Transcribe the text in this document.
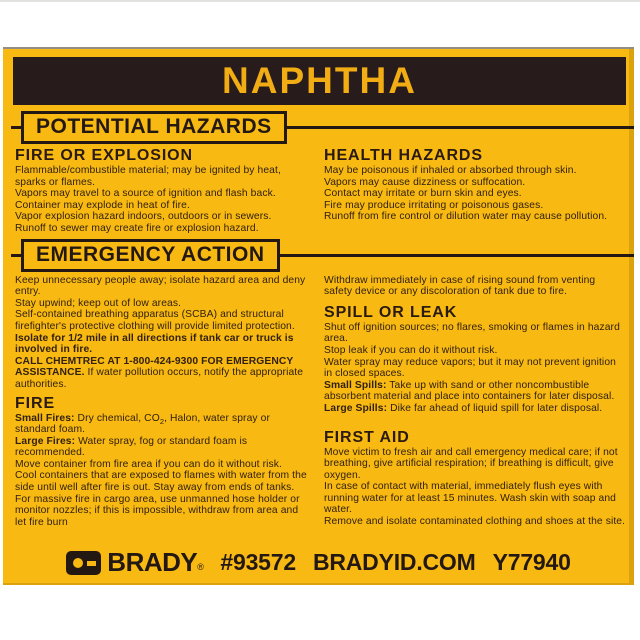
NAPHTHA
POTENTIAL HAZARDS
FIRE OR EXPLOSION

Flammable/combustible material; may be ignited by heat, sparks or flames.

Vapors may travel to a source of ignition and flash back.

Container may explode in heat of fire.

Vapor explosion hazard indoors, outdoors or in sewers.

Runoff to sewer may create fire or explosion hazard.

HEALTH HAZARDS

May be poisonous if inhaled or absorbed through skin.

Vapors may cause dizziness or suffocation.

Contact may irritate or burn skin and eyes.

Fire may produce irritating or poisonous gases.

Runoff from fire control or dilution water may cause pollution.

EMERGENCY ACTION

Keep unnecessary people away; isolate hazard area and deny entry.

Stay upwind; keep out of low areas.

Self-contained breathing apparatus (SCBA) and structural firefighter's protective clothing will provide limited protection.

Isolate for 1/2 mile in all directions if tank car or truck is involved in fire.

CALL CHEMTREC AT 1-800-424-9300 FOR EMERGENCY ASSISTANCE. If water pollution occurs, notify the appropriate authorities.

FIRE

Small Fires: Dry chemical, $CO_2$, Halon, water spray or standard foam.

Large Fires: Water spray, fog or standard foam is recommended.

Move container from fire area if you can do it without risk.

Cool containers that are exposed to flames with water from the side until well after fire is out. Stay away from ends of tanks.

For massive fire in cargo area, use unmanned hose holder or monitor nozzles; if this is impossible, withdraw from area and let fire burn

Withdraw immediately in case of rising sound from venting safety device or any discoloration of tank due to fire.

SPILL OR LEAK

Shut off ignition sources; no flares, smoking or flames in hazard area.

Stop leak if you can do it without risk.

Water spray may reduce vapors; but it may not prevent ignition in closed spaces.

Small Spills: Take up with sand or other noncombustible absorbent material and place into containers for later disposal.

Large Spills: Dike far ahead of liquid spill for later disposal.

FIRST AID

Move victim to fresh air and call emergency medical care; if not breathing, give artificial respiration; if breathing is difficult, give oxygen.

In case of contact with material, immediately flush eyes with running water for at least 15 minutes. Wash skin with soap and water.

Remove and isolate contaminated clothing and shoes at the site.

BRADY® #93572 BRADYID.COM Y77940
